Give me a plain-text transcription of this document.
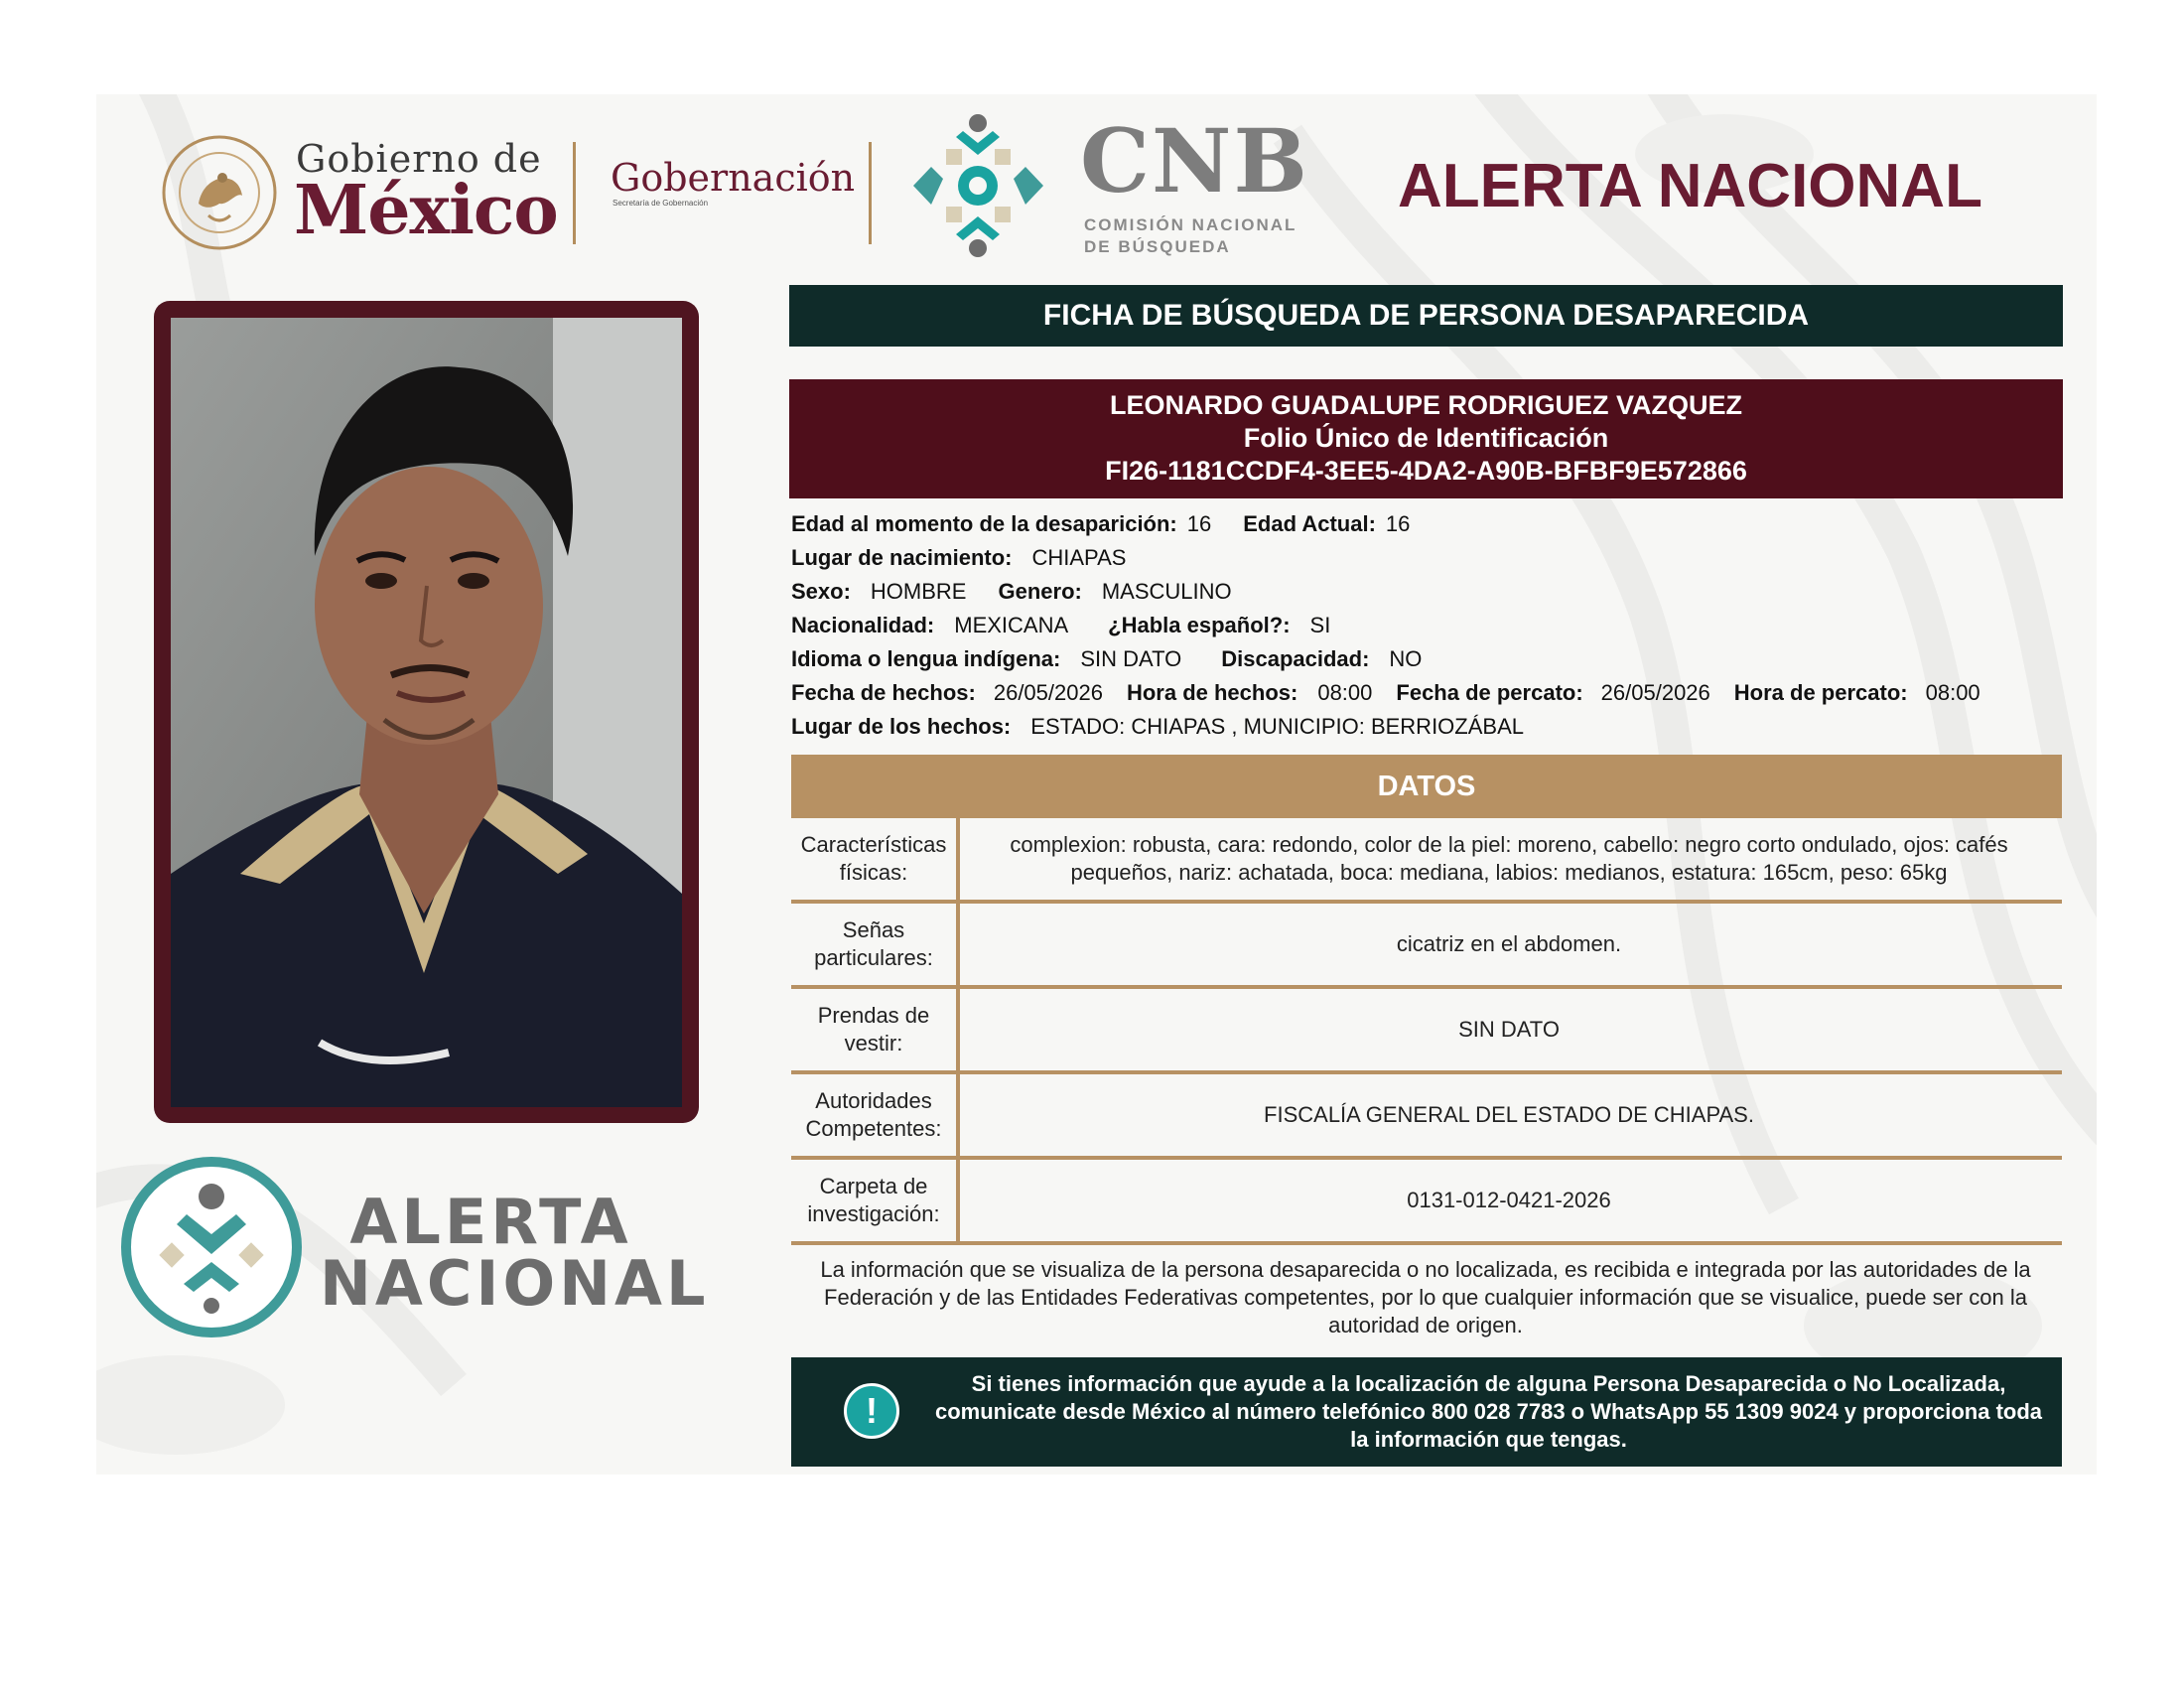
Gobierno de
México Gobernación
Secretaría de Gobernación	CNB
COMISIÓN NACIONAL
DE BÚSQUEDA
ALERTA NACIONAL
ALERTA
NACIONAL
FICHA DE BÚSQUEDA DE PERSONA DESAPARECIDA
LEONARDO GUADALUPE RODRIGUEZ VAZQUEZ
Folio Único de Identificación
FI26-1181CCDF4-3EE5-4DA2-A90B-BFBF9E572866
Edad al momento de la desaparición: 16 Edad Actual: 16
Lugar de nacimiento: CHIAPAS
Sexo: HOMBRE Genero: MASCULINO
Nacionalidad: MEXICANA ¿Habla español?: SI
Idioma o lengua indígena: SIN DATO Discapacidad: NO
Fecha de hechos: 26/05/2026 Hora de hechos: 08:00 Fecha de percato: 26/05/2026 Hora de percato: 08:00
Lugar de los hechos: ESTADO: CHIAPAS , MUNICIPIO: BERRIOZÁBAL
DATOS
Características físicas:
complexion: robusta, cara: redondo, color de la piel: moreno, cabello: negro corto ondulado, ojos: cafés pequeños, nariz: achatada, boca: mediana, labios: medianos, estatura: 165cm, peso: 65kg
Señas particulares:
cicatriz en el abdomen.
Prendas de vestir:
SIN DATO
Autoridades Competentes:
FISCALÍA GENERAL DEL ESTADO DE CHIAPAS.
Carpeta de investigación:
0131-012-0421-2026
La información que se visualiza de la persona desaparecida o no localizada, es recibida e integrada por las autoridades de la Federación y de las Entidades Federativas competentes, por lo que cualquier información que se visualice, puede ser con la autoridad de origen.
!
Si tienes información que ayude a la localización de alguna Persona Desaparecida o No Localizada, comunicate desde México al número telefónico 800 028 7783 o WhatsApp 55 1309 9024 y proporciona toda la información que tengas.
